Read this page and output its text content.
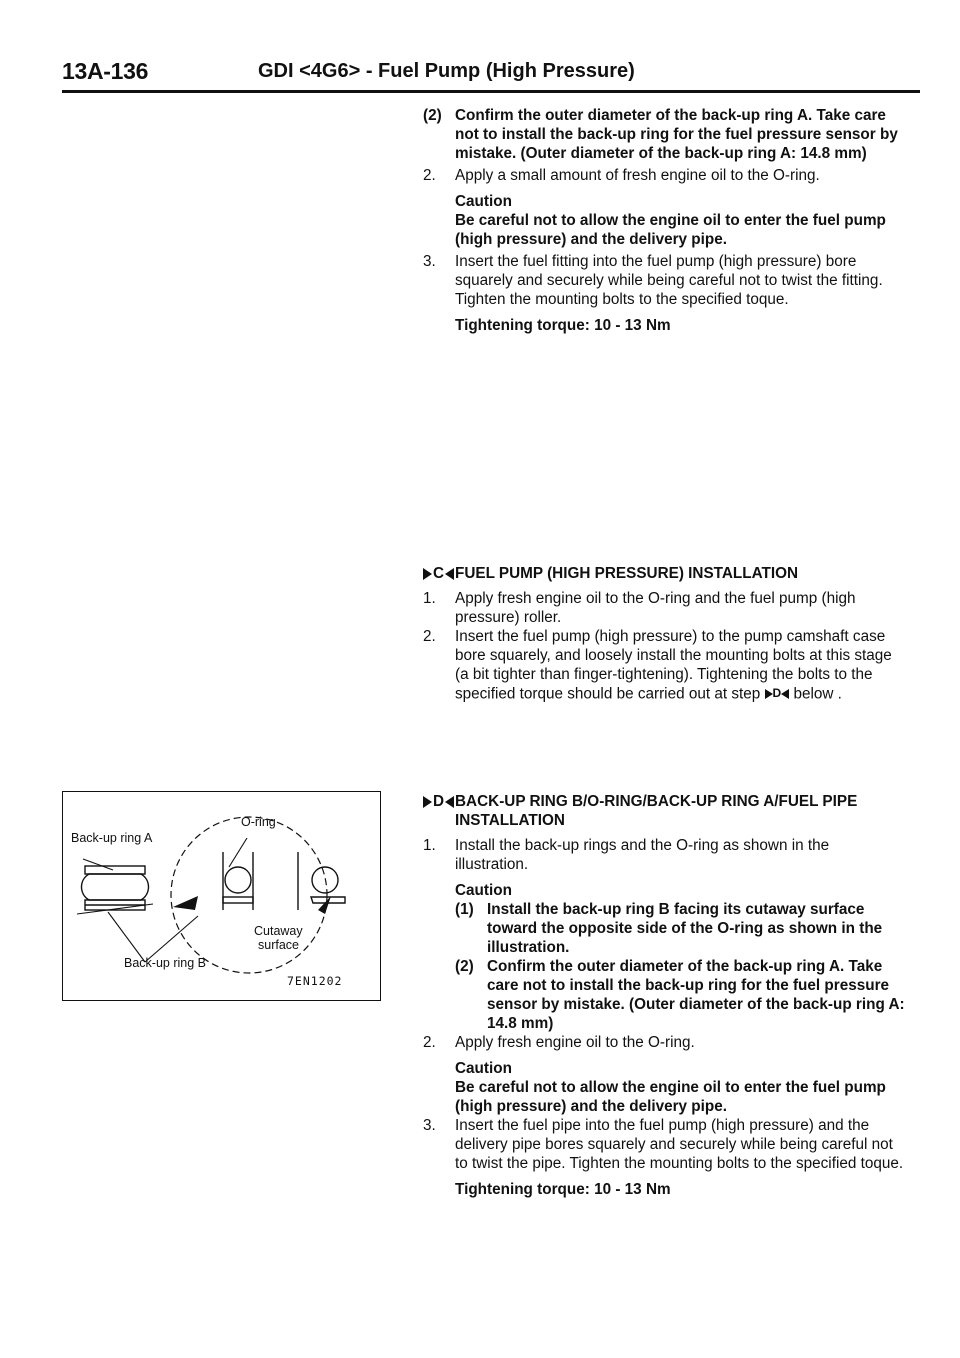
13A-136	GDI <4G6> - Fuel Pump (High Pressure)

(2) Confirm the outer diameter of the back-up ring A. Take care not to install the back-up ring for the fuel pressure sensor by mistake. (Outer diameter of the back-up ring A: 14.8 mm)

2. Apply a small amount of fresh engine oil to the O-ring.

Caution

Be careful not to allow the engine oil to enter the fuel pump (high pressure) and the delivery pipe.

3. Insert the fuel fitting into the fuel pump (high pressure) bore squarely and securely while being careful not to twist the fitting. Tighten the mounting bolts to the specified toque.

Tightening torque: 10 - 13 Nm

C FUEL PUMP (HIGH PRESSURE) INSTALLATION

1. Apply fresh engine oil to the O-ring and the fuel pump (high pressure) roller.

2. Insert the fuel pump (high pressure) to the pump camshaft case bore squarely, and loosely install the mounting bolts at this stage (a bit tighter than finger-tightening). Tightening the bolts to the specified torque should be carried out at step D below .

Back-up ring A
O-ring
Cutaway
surface
Back-up ring B
7EN1202

D BACK-UP RING B/O-RING/BACK-UP RING A/FUEL PIPE INSTALLATION

1. Install the back-up rings and the O-ring as shown in the illustration.

Caution

(1) Install the back-up ring B facing its cutaway surface toward the opposite side of the O-ring as shown in the illustration.

(2) Confirm the outer diameter of the back-up ring A. Take care not to install the back-up ring for the fuel pressure sensor by mistake. (Outer diameter of the back-up ring A: 14.8 mm)

2. Apply fresh engine oil to the O-ring.

Caution

Be careful not to allow the engine oil to enter the fuel pump (high pressure) and the delivery pipe.

3. Insert the fuel pipe into the fuel pump (high pressure) and the delivery pipe bores squarely and securely while being careful not to twist the pipe. Tighten the mounting bolts to the specified toque.

Tightening torque: 10 - 13 Nm
